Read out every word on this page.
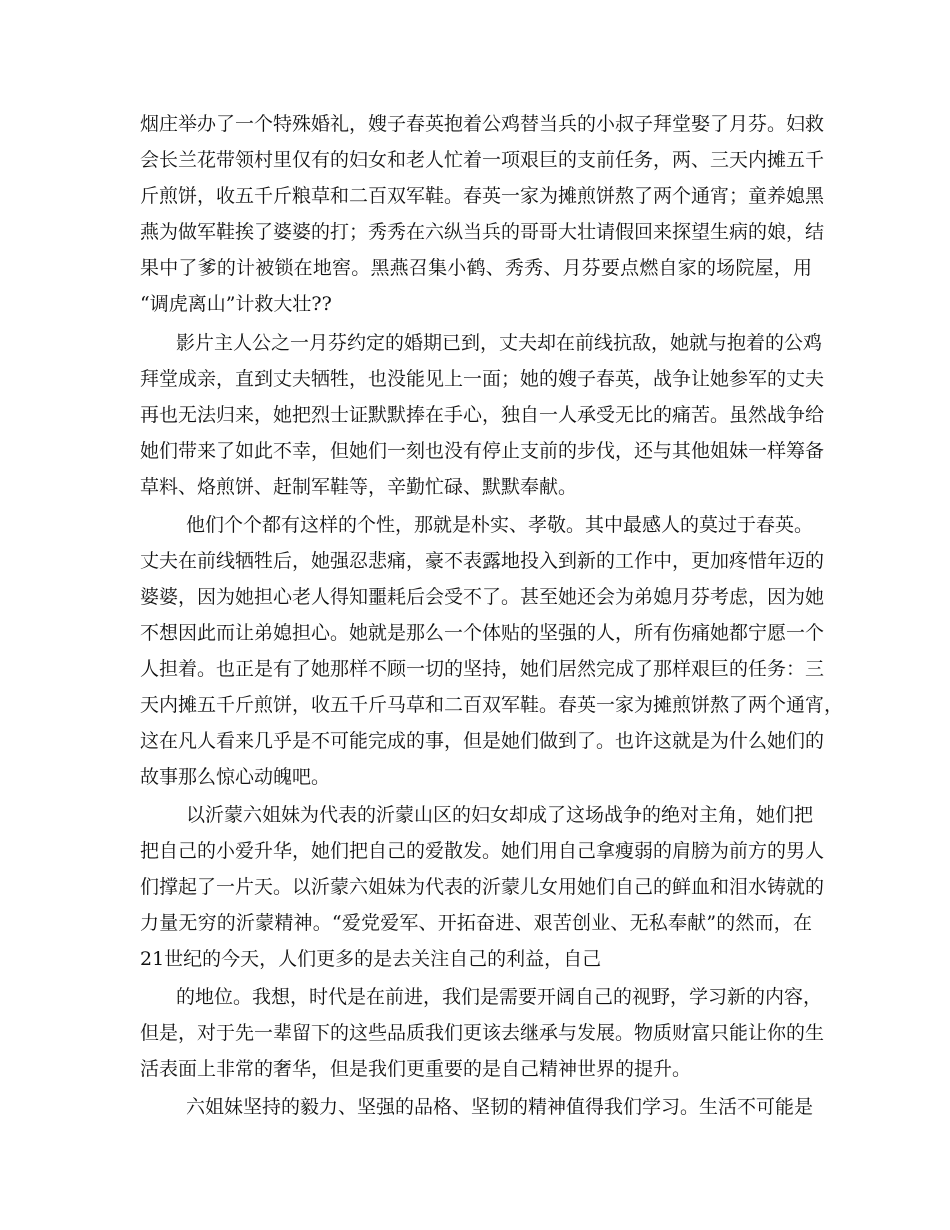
烟庄举办了一个特殊婚礼，嫂子春英抱着公鸡替当兵的小叔子拜堂娶了月芬。妇救
会长兰花带领村里仅有的妇女和老人忙着一项艰巨的支前任务，两、三天内摊五千
斤煎饼，收五千斤粮草和二百双军鞋。春英一家为摊煎饼熬了两个通宵；童养媳黑
燕为做军鞋挨了婆婆的打；秀秀在六纵当兵的哥哥大壮请假回来探望生病的娘，结
果中了爹的计被锁在地窖。黑燕召集小鹤、秀秀、月芬要点燃自家的场院屋，用
“调虎离山”计救大壮??
影片主人公之一月芬约定的婚期已到，丈夫却在前线抗敌，她就与抱着的公鸡
拜堂成亲，直到丈夫牺牲，也没能见上一面；她的嫂子春英，战争让她参军的丈夫
再也无法归来，她把烈士证默默捧在手心，独自一人承受无比的痛苦。虽然战争给
她们带来了如此不幸，但她们一刻也没有停止支前的步伐，还与其他姐妹一样筹备
草料、烙煎饼、赶制军鞋等，辛勤忙碌、默默奉献。
他们个个都有这样的个性，那就是朴实、孝敬。其中最感人的莫过于春英。
丈夫在前线牺牲后，她强忍悲痛，豪不表露地投入到新的工作中，更加疼惜年迈的
婆婆，因为她担心老人得知噩耗后会受不了。甚至她还会为弟媳月芬考虑，因为她
不想因此而让弟媳担心。她就是那么一个体贴的坚强的人，所有伤痛她都宁愿一个
人担着。也正是有了她那样不顾一切的坚持，她们居然完成了那样艰巨的任务：三
天内摊五千斤煎饼，收五千斤马草和二百双军鞋。春英一家为摊煎饼熬了两个通宵，
这在凡人看来几乎是不可能完成的事，但是她们做到了。也许这就是为什么她们的
故事那么惊心动魄吧。
以沂蒙六姐妹为代表的沂蒙山区的妇女却成了这场战争的绝对主角，她们把
把自己的小爱升华，她们把自己的爱散发。她们用自己拿瘦弱的肩膀为前方的男人
们撑起了一片天。以沂蒙六姐妹为代表的沂蒙儿女用她们自己的鲜血和泪水铸就的
力量无穷的沂蒙精神。“爱党爱军、开拓奋进、艰苦创业、无私奉献”的然而，在
21世纪的今天，人们更多的是去关注自己的利益，自己
的地位。我想，时代是在前进，我们是需要开阔自己的视野，学习新的内容，
但是，对于先一辈留下的这些品质我们更该去继承与发展。物质财富只能让你的生
活表面上非常的奢华，但是我们更重要的是自己精神世界的提升。
六姐妹坚持的毅力、坚强的品格、坚韧的精神值得我们学习。生活不可能是
